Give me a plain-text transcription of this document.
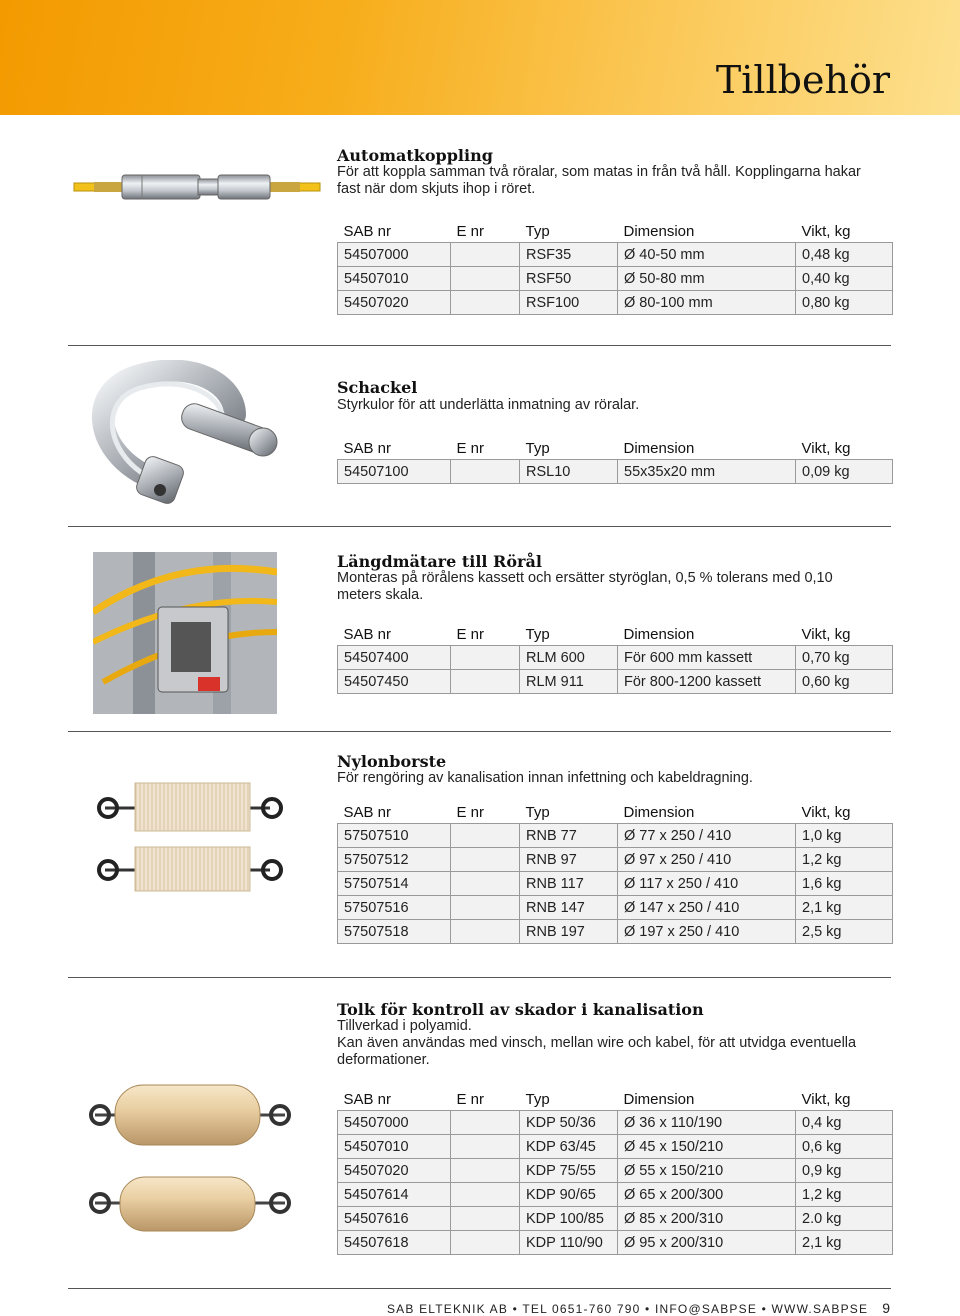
Tillbehör
Automatkoppling
För att koppla samman två röralar, som matas in från två håll. Kopplingarna hakar fast när dom skjuts ihop i röret.
SAB nr	E nr	Typ	Dimension	Vikt, kg
54507000		RSF35	Ø 40-50 mm	0,48 kg
54507010		RSF50	Ø 50-80 mm	0,40 kg
54507020		RSF100	Ø 80-100 mm	0,80 kg
Schackel
Styrkulor för att underlätta inmatning av röralar.
SAB nr	E nr	Typ	Dimension	Vikt, kg
54507100		RSL10	55x35x20 mm	0,09 kg
Längdmätare till Rörål
Monteras på rörålens kassett och ersätter styröglan, 0,5 % tolerans med 0,10 meters skala.
SAB nr	E nr	Typ	Dimension	Vikt, kg
54507400		RLM 600	För 600 mm kassett	0,70 kg
54507450		RLM 911	För 800-1200 kassett	0,60 kg
Nylonborste
För rengöring av kanalisation innan infettning och kabeldragning.
SAB nr	E nr	Typ	Dimension	Vikt, kg
57507510		RNB 77	Ø 77 x 250 / 410	1,0 kg
57507512		RNB 97	Ø 97 x 250 / 410	1,2 kg
57507514		RNB 117	Ø 117 x 250 / 410	1,6 kg
57507516		RNB 147	Ø 147 x 250 / 410	2,1 kg
57507518		RNB 197	Ø 197 x 250 / 410	2,5 kg
Tolk för kontroll av skador i kanalisation
Tillverkad i polyamid.
Kan även användas med vinsch, mellan wire och kabel, för att utvidga eventuella deformationer.
SAB nr	E nr	Typ	Dimension	Vikt, kg
54507000		KDP 50/36	Ø 36 x 110/190	0,4 kg
54507010		KDP 63/45	Ø 45 x 150/210	0,6 kg
54507020		KDP 75/55	Ø 55 x 150/210	0,9 kg
54507614		KDP 90/65	Ø 65 x 200/300	1,2 kg
54507616		KDP 100/85	Ø 85 x 200/310	2.0 kg
54507618		KDP 110/90	Ø 95 x 200/310	2,1 kg
SAB ELTEKNIK AB • TEL 0651-760 790 • INFO@SABPSE • WWW.SABPSE 9
